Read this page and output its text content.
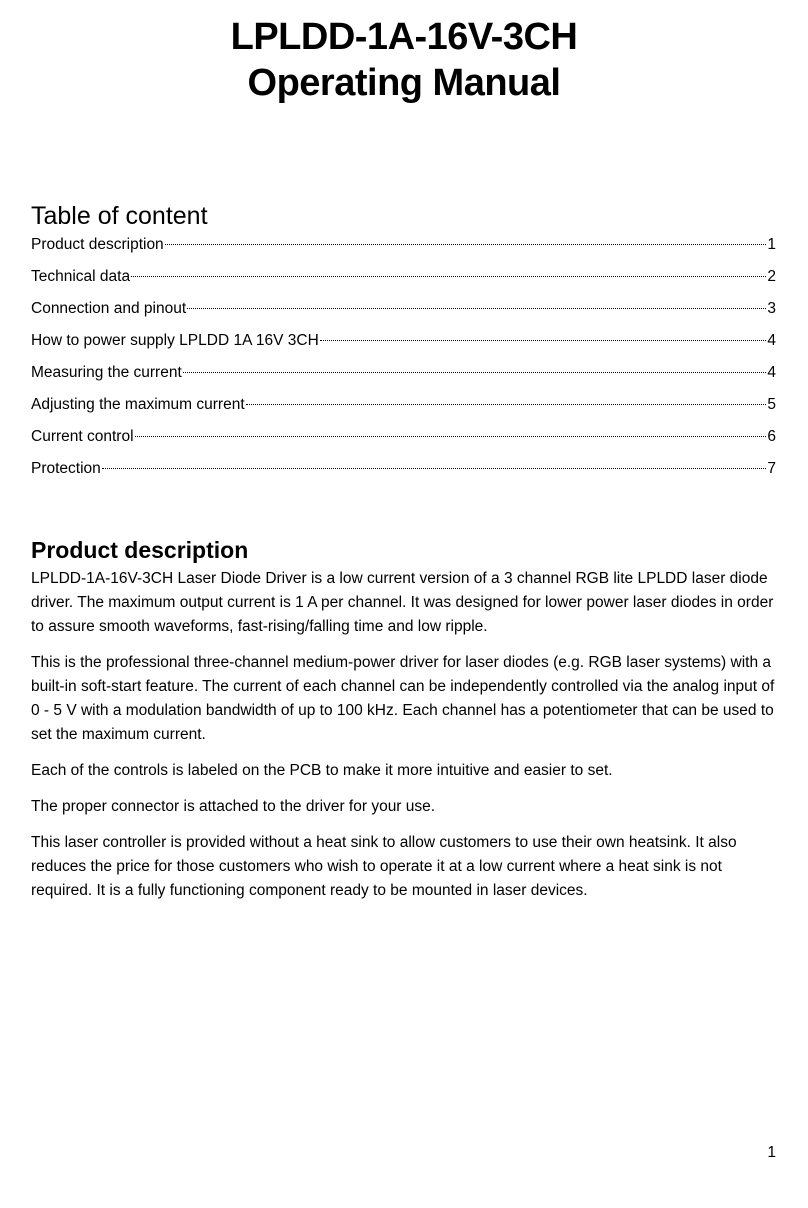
LPLDD-1A-16V-3CH
Operating Manual
Table of content
Product description	1
Technical data	2
Connection and pinout	3
How to power supply LPLDD 1A 16V 3CH	4
Measuring the current	4
Adjusting the maximum current	5
Current control	6
Protection	7
Product description

LPLDD-1A-16V-3CH Laser Diode Driver is a low current version of a 3 channel RGB lite LPLDD laser diode driver. The maximum output current is 1 A per channel. It was designed for lower power laser diodes in order to assure smooth waveforms, fast-rising/falling time and low ripple.

This is the professional three-channel medium-power driver for laser diodes (e.g. RGB laser systems) with a built-in soft-start feature. The current of each channel can be independently controlled via the analog input of 0 - 5 V with a modulation bandwidth of up to 100 kHz. Each channel has a potentiometer that can be used to set the maximum current.

Each of the controls is labeled on the PCB to make it more intuitive and easier to set.

The proper connector is attached to the driver for your use.

This laser controller is provided without a heat sink to allow customers to use their own heatsink. It also reduces the price for those customers who wish to operate it at a low current where a heat sink is not required. It is a fully functioning component ready to be mounted in laser devices.

1
